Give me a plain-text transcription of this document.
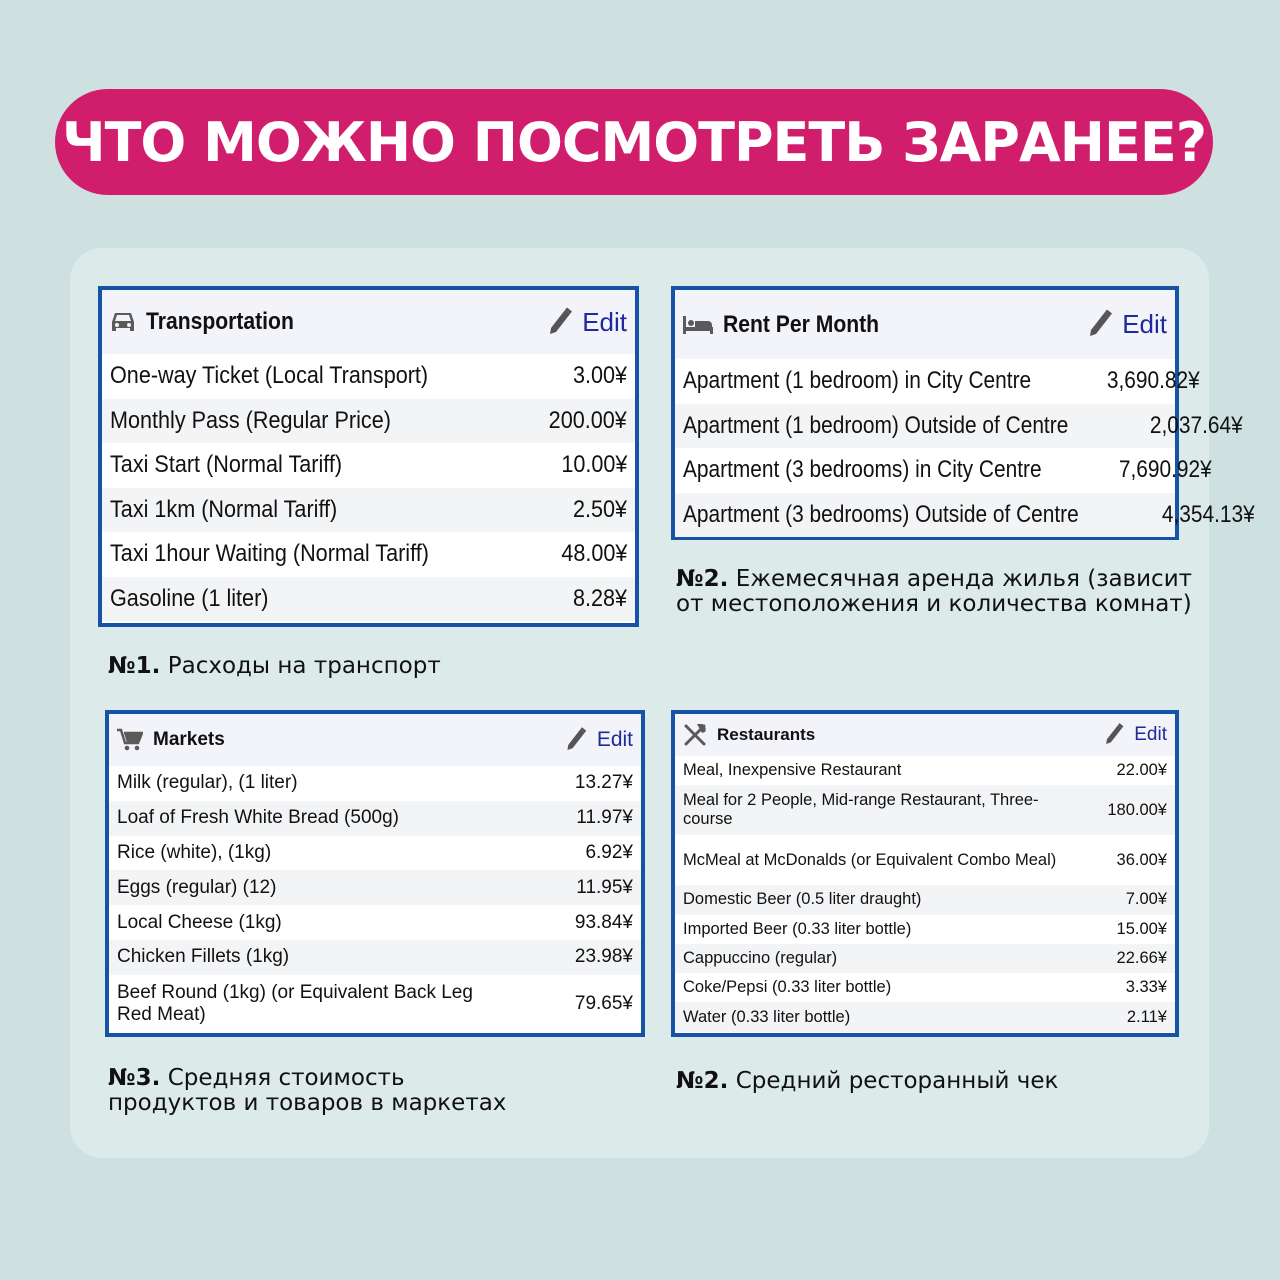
ЧТО МОЖНО ПОСМОТРЕТЬ ЗАРАНЕЕ?
Transportation	Edit
One-way Ticket (Local Transport)	3.00¥
Monthly Pass (Regular Price)	200.00¥
Taxi Start (Normal Tariff)	10.00¥
Taxi 1km (Normal Tariff)	2.50¥
Taxi 1hour Waiting (Normal Tariff)	48.00¥
Gasoline (1 liter)	8.28¥
№1. Расходы на транспорт
Rent Per Month	Edit
Apartment (1 bedroom) in City Centre	3,690.82¥
Apartment (1 bedroom) Outside of Centre	2,037.64¥
Apartment (3 bedrooms) in City Centre	7,690.92¥
Apartment (3 bedrooms) Outside of Centre	4,354.13¥
№2. Ежемесячная аренда жилья (зависит
от местоположения и количества комнат)
Markets	Edit
Milk (regular), (1 liter)	13.27¥
Loaf of Fresh White Bread (500g)	11.97¥
Rice (white), (1kg)	6.92¥
Eggs (regular) (12)	11.95¥
Local Cheese (1kg)	93.84¥
Chicken Fillets (1kg)	23.98¥
Beef Round (1kg) (or Equivalent Back Leg Red Meat)
79.65¥
№3. Средняя стоимость
продуктов и товаров в маркетах
Restaurants	Edit
Meal, Inexpensive Restaurant	22.00¥
Meal for 2 People, Mid-range Restaurant, Three-course
180.00¥
McMeal at McDonalds (or Equivalent Combo Meal)	36.00¥
Domestic Beer (0.5 liter draught)	7.00¥
Imported Beer (0.33 liter bottle)	15.00¥
Cappuccino (regular)	22.66¥
Coke/Pepsi (0.33 liter bottle)	3.33¥
Water (0.33 liter bottle)	2.11¥
№2. Средний ресторанный чек
